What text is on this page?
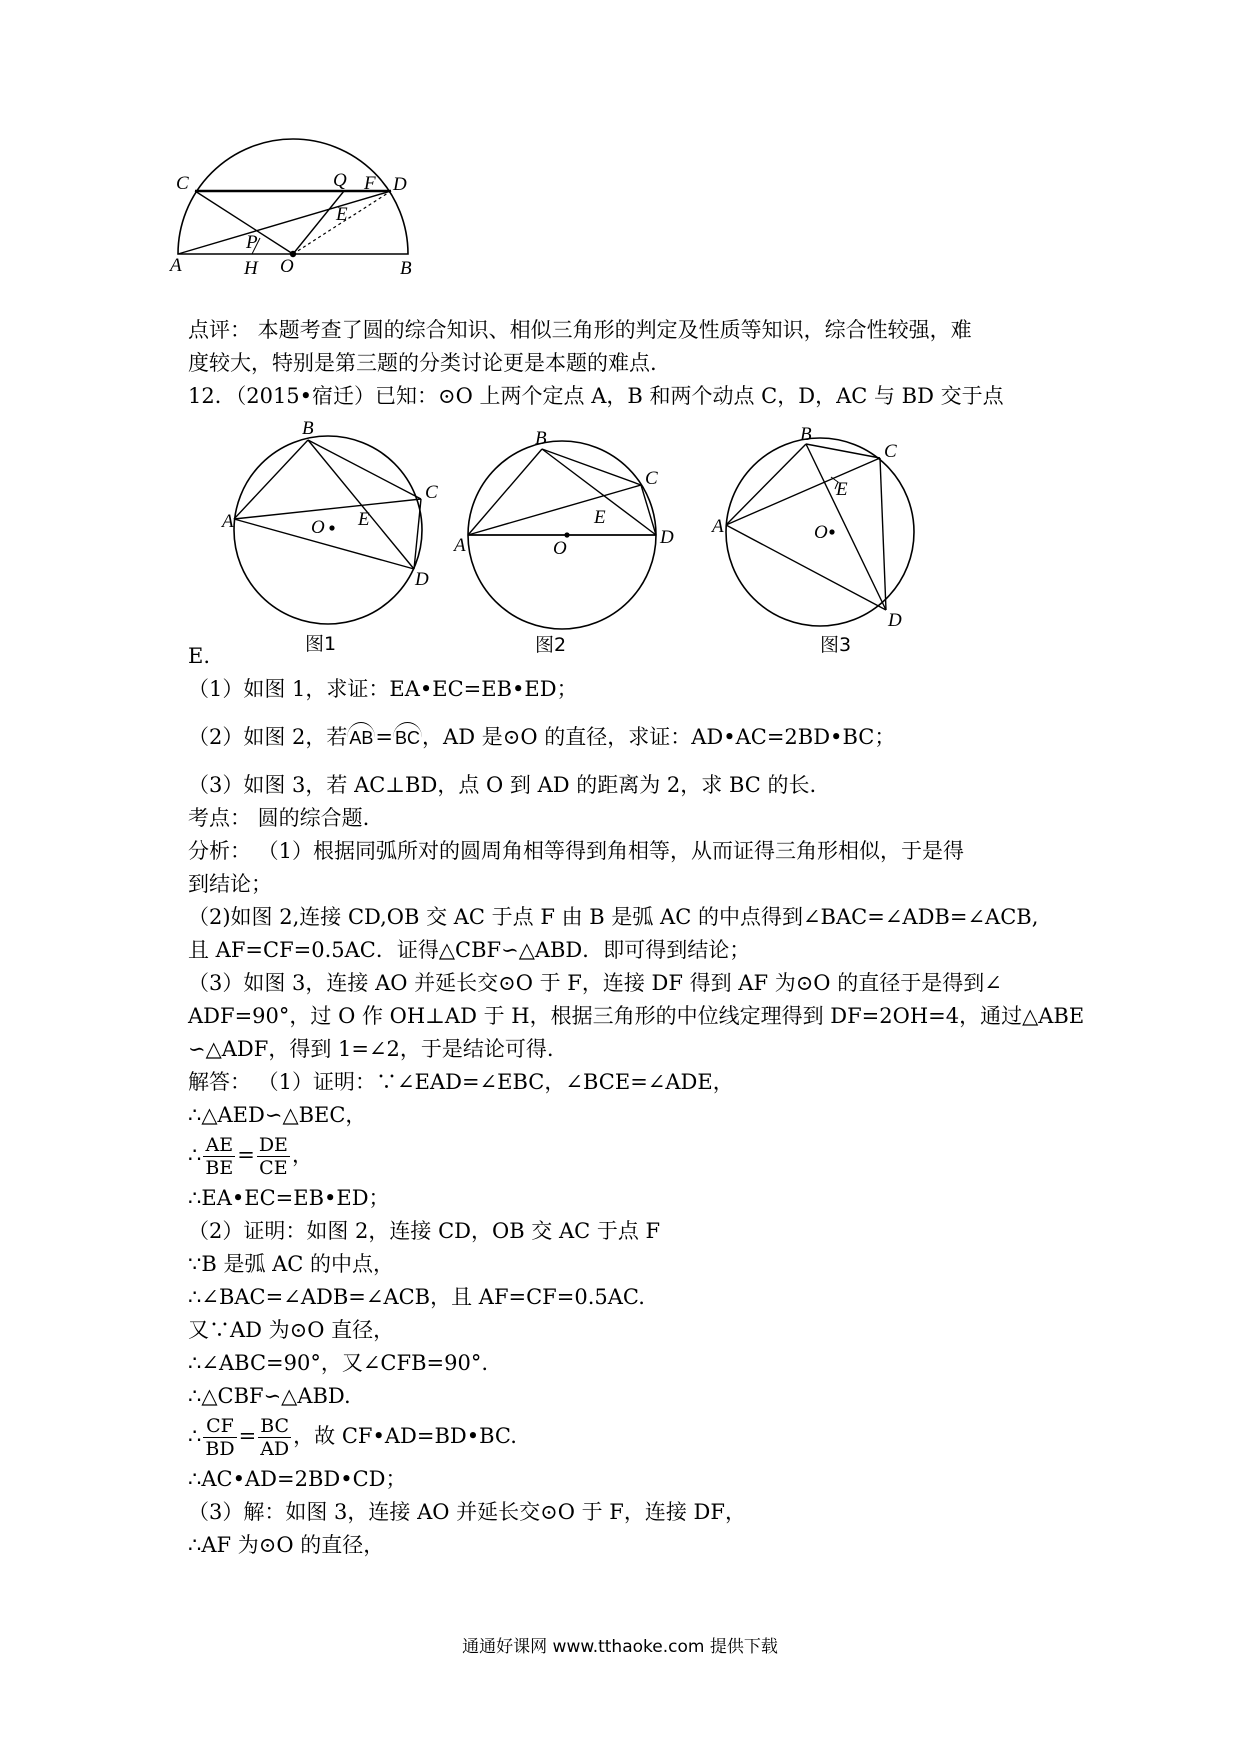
C	Q F D
E
P
A	H O	B
点评： 本题考查了圆的综合知识、相似三角形的判定及性质等知识，综合性较强，难
度较大，特别是第三题的分类讨论更是本题的难点.
12．（2015•宿迁）已知：⊙O 上两个定点 A，B 和两个动点 C，D，AC 与 BD 交于点
B
C
A	O E
D
图1
B
C
A	O
E
D
图2
B
C
E
A	O
D
图3
E.
（1）如图 1，求证：EA•EC=EB•ED；
（2）如图 2，若 AB= BC，AD 是⊙O 的直径，求证：AD•AC=2BD•BC；
（3）如图 3，若 AC⊥BD，点 O 到 AD 的距离为 2，求 BC 的长.
考点： 圆的综合题.
分析： （1）根据同弧所对的圆周角相等得到角相等，从而证得三角形相似，于是得
到结论；
（2)如图 2,连接 CD,OB 交 AC 于点 F 由 B 是弧 AC 的中点得到∠BAC=∠ADB=∠ACB,
且 AF=CF=0.5AC．证得△CBF∽△ABD．即可得到结论；
（3）如图 3，连接 AO 并延长交⊙O 于 F，连接 DF 得到 AF 为⊙O 的直径于是得到∠
ADF=90°，过 O 作 OH⊥AD 于 H，根据三角形的中位线定理得到 DF=2OH=4，通过△ABE
∽△ADF，得到 1=∠2，于是结论可得.
解答： （1）证明：∵∠EAD=∠EBC，∠BCE=∠ADE，
∴△AED∽△BEC，
∴ $\frac{AE}{BE} = \frac{DE}{CE}$ ，
∴EA•EC=EB•ED；
（2）证明：如图 2，连接 CD，OB 交 AC 于点 F
∵B 是弧 AC 的中点，
∴∠BAC=∠ADB=∠ACB，且 AF=CF=0.5AC.
又∵AD 为⊙O 直径，
∴∠ABC=90°，又∠CFB=90°.
∴△CBF∽△ABD.
∴ $\frac{CF}{BD} = \frac{BC}{AD}$ ，故 CF•AD=BD•BC.
∴AC•AD=2BD•CD；
（3）解：如图 3，连接 AO 并延长交⊙O 于 F，连接 DF，
∴AF 为⊙O 的直径，
通通好课网 www.tthaoke.com 提供下载
